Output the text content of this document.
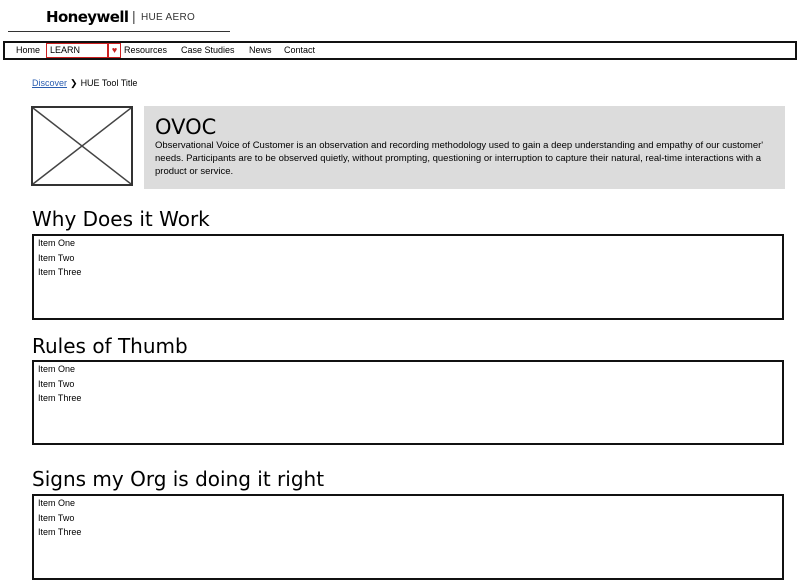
Honeywell | HUE AERO
Home	LEARN	♥ Resources Case Studies News Contact
Discover ❯ HUE Tool Title
OVOC
Observational Voice of Customer is an observation and recording methodology used to gain a deep understanding and empathy of our customer' needs. Participants are to be observed quietly, without prompting, questioning or interruption to capture their natural, real-time interactions with a product or service.
Why Does it Work
Item One
Item Two
Item Three
Rules of Thumb
Item One
Item Two
Item Three
Signs my Org is doing it right
Item One
Item Two
Item Three
